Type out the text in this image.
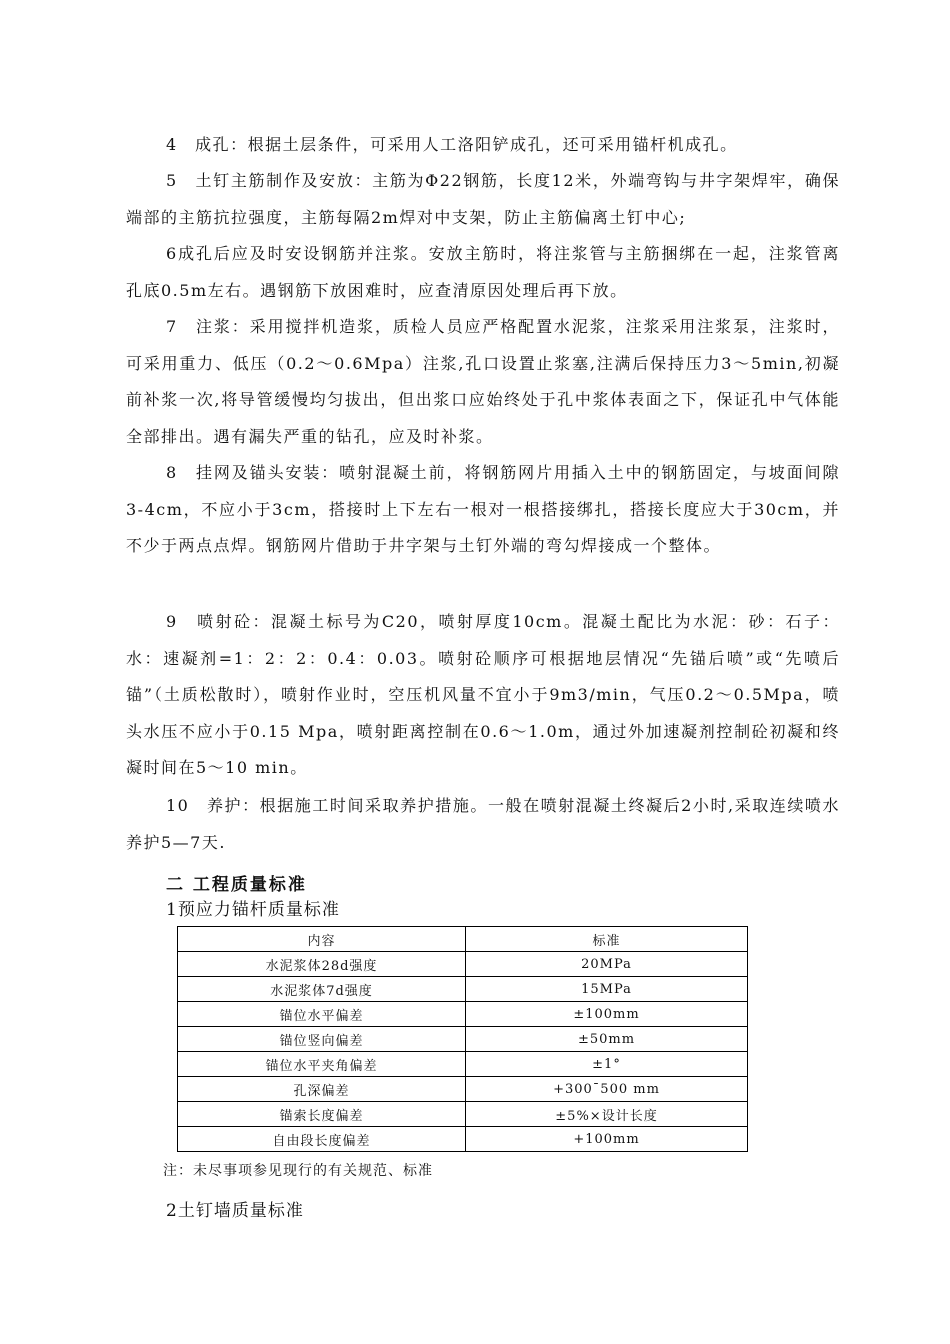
4　成孔：根据土层条件，可采用人工洛阳铲成孔，还可采用锚杆机成孔。

5　土钉主筋制作及安放：主筋为Φ22钢筋，长度12米，外端弯钩与井字架焊牢，确保端部的主筋抗拉强度，主筋每隔2m焊对中支架，防止主筋偏离土钉中心;

6成孔后应及时安设钢筋并注浆。安放主筋时，将注浆管与主筋捆绑在一起，注浆管离孔底0.5m左右。遇钢筋下放困难时，应查清原因处理后再下放。

7　注浆：采用搅拌机造浆，质检人员应严格配置水泥浆，注浆采用注浆泵，注浆时，可采用重力、低压（0.2～0.6Mpa）注浆,孔口设置止浆塞,注满后保持压力3～5min,初凝前补浆一次,将导管缓慢均匀拔出，但出浆口应始终处于孔中浆体表面之下，保证孔中气体能全部排出。遇有漏失严重的钻孔，应及时补浆。

8　挂网及锚头安装：喷射混凝土前，将钢筋网片用插入土中的钢筋固定，与坡面间隙3-4cm，不应小于3cm，搭接时上下左右一根对一根搭接绑扎，搭接长度应大于30cm，并不少于两点点焊。钢筋网片借助于井字架与土钉外端的弯勾焊接成一个整体。

9　喷射砼：混凝土标号为C20，喷射厚度10cm。混凝土配比为水泥：砂：石子：水：速凝剂=1：2：2：0.4：0.03。喷射砼顺序可根据地层情况“先锚后喷”或“先喷后锚”（土质松散时），喷射作业时，空压机风量不宜小于9m3/min，气压0.2～0.5Mpa，喷头水压不应小于0.15 Mpa，喷射距离控制在0.6～1.0m，通过外加速凝剂控制砼初凝和终凝时间在5～10 min。

10　养护：根据施工时间采取养护措施。一般在喷射混凝土终凝后2小时,采取连续喷水养护5—7天.

二 工程质量标准

1预应力锚杆质量标准

内容	标准
水泥浆体28d强度	20MPa
水泥浆体7d强度	15MPa
锚位水平偏差	±100mm
锚位竖向偏差	±50mm
锚位水平夹角偏差	±1°
孔深偏差	+300¯500 mm
锚索长度偏差	±5%×设计长度
自由段长度偏差	+100mm

注：未尽事项参见现行的有关规范、标准

2土钉墙质量标准
